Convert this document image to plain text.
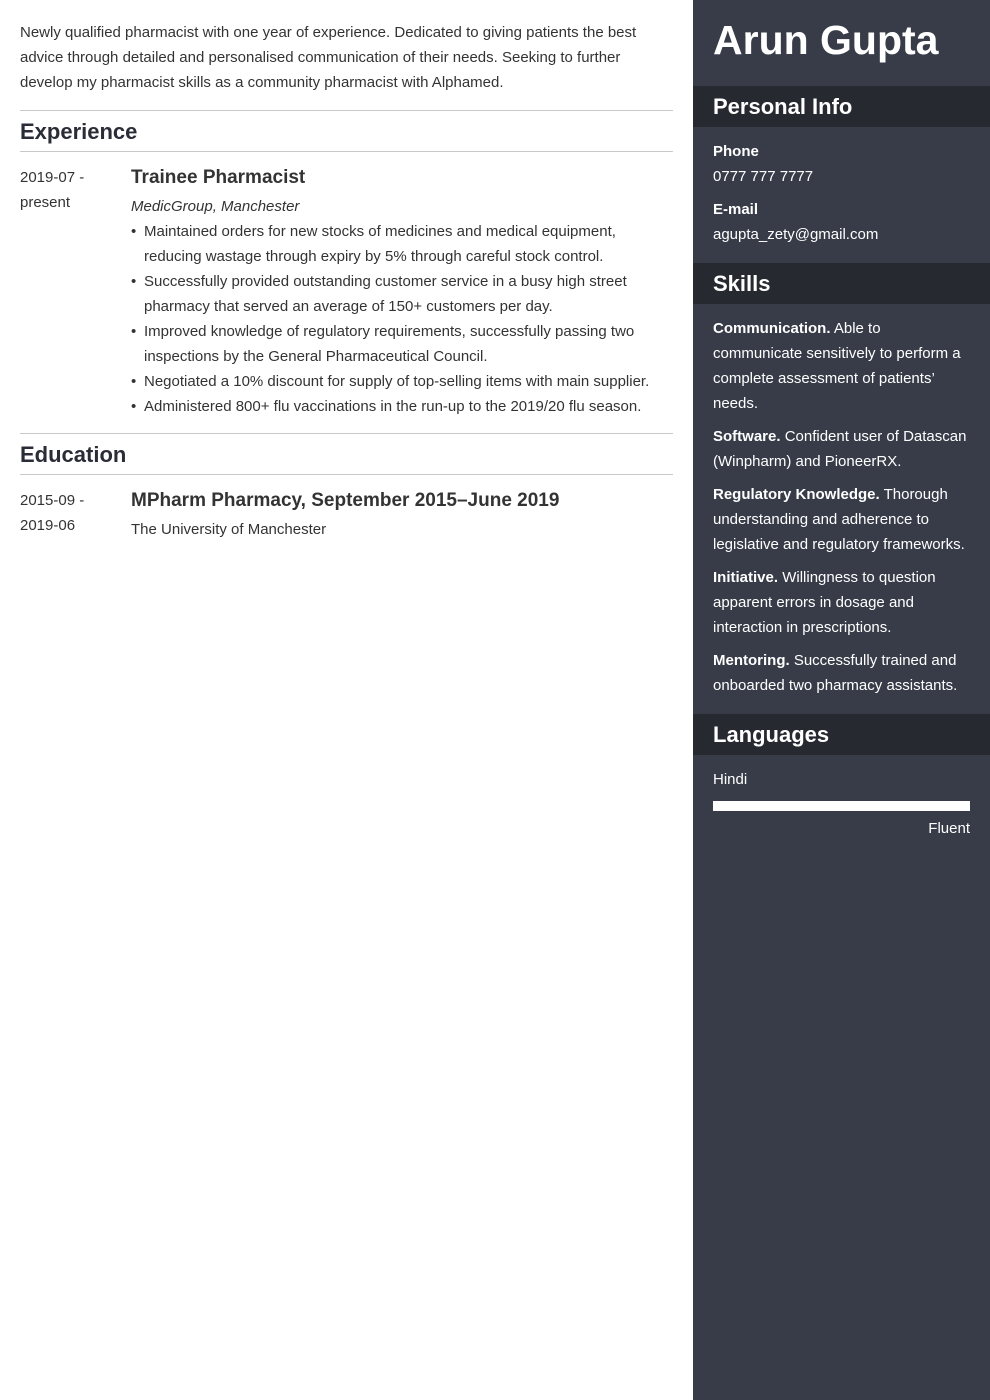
Newly qualified pharmacist with one year of experience. Dedicated to giving patients the best advice through detailed and personalised communication of their needs. Seeking to further develop my pharmacist skills as a community pharmacist with Alphamed.

Experience
2019-07 -
present
Trainee Pharmacist
MedicGroup, Manchester
• Maintained orders for new stocks of medicines and medical equipment, reducing wastage through expiry by 5% through careful stock control.
• Successfully provided outstanding customer service in a busy high street pharmacy that served an average of 150+ customers per day.
• Improved knowledge of regulatory requirements, successfully passing two inspections by the General Pharmaceutical Council.
• Negotiated a 10% discount for supply of top-selling items with main supplier.
• Administered 800+ flu vaccinations in the run-up to the 2019/20 flu season.
Education
2015-09 -
2019-06
MPharm Pharmacy, September 2015–June 2019
The University of Manchester
Arun Gupta
Personal Info
Phone
0777 777 7777
E-mail
agupta_zety@gmail.com
Skills

Communication. Able to communicate sensitively to perform a complete assessment of patients’ needs.

Software. Confident user of Datascan (Winpharm) and PioneerRX.

Regulatory Knowledge. Thorough understanding and adherence to legislative and regulatory frameworks.

Initiative. Willingness to question apparent errors in dosage and interaction in prescriptions.

Mentoring. Successfully trained and onboarded two pharmacy assistants.

Languages
Hindi
Fluent
